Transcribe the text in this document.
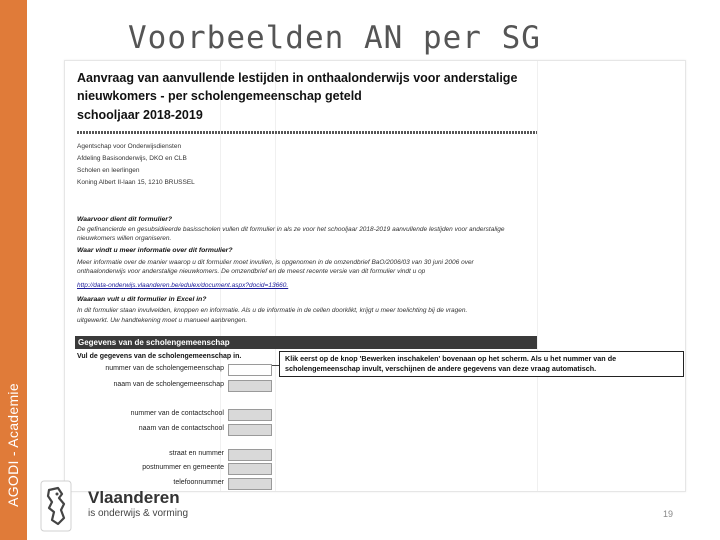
AGODI - Academie
Voorbeelden AN per SG
Aanvraag van aanvullende lestijden in onthaalonderwijs voor anderstalige
nieuwkomers - per scholengemeenschap geteld
schooljaar 2018-2019
Agentschap voor Onderwijsdiensten
Afdeling Basisonderwijs, DKO en CLB
Scholen en leerlingen
Koning Albert II-laan 15, 1210 BRUSSEL
Waarvoor dient dit formulier?
De gefinancierde en gesubsidieerde basisscholen vullen dit formulier in als ze voor het schooljaar 2018-2019 aanvullende lestijden voor anderstalige
nieuwkomers willen organiseren.
Waar vindt u meer informatie over dit formulier?
Meer informatie over de manier waarop u dit formulier moet invullen, is opgenomen in de omzendbrief BaO/2006/03 van 30 juni 2006 over
onthaalonderwijs voor anderstalige nieuwkomers. De omzendbrief en de meest recente versie van dit formulier vindt u op
http://data-onderwijs.vlaanderen.be/edulex/document.aspx?docid=13660.
Waaraan vult u dit formulier in Excel in?
In dit formulier staan invulvelden, knoppen en informatie. Als u de informatie in de cellen doorklikt, krijgt u meer toelichting bij de vragen.
uitgewerkt. Uw handtekening moet u manueel aanbrengen.
Gegevens van de scholengemeenschap
Vul de gegevens van de scholengemeenschap in.	Klik eerst op de knop 'Bewerken inschakelen' bovenaan op het scherm. Als u het nummer van de
scholengemeenschap invult, verschijnen de andere gegevens van deze vraag automatisch.
nummer van de scholengemeenschap
naam van de scholengemeenschap
nummer van de contactschool
naam van de contactschool
straat en nummer
postnummer en gemeente
telefoonnummer
Vlaanderen
is onderwijs & vorming	19
